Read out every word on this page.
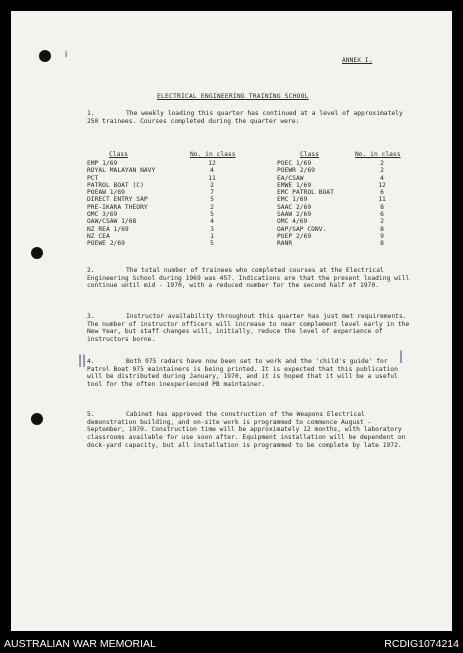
ⅰ
ANNEX I.
ELECTRICAL ENGINEERING TRAINING SCHOOL
1.	The weekly loading this quarter has continued at a level of approximately 250 trainees. Courses completed during the quarter were:

Class	No. in class
EMP 1/69	12
ROYAL MALAYAN NAVY	4
PCT	11
PATROL BOAT (C)	2
POEAW 1/69	7
DIRECT ENTRY SAP	5
PRE-IKARA THEORY	2
OMC 3/69	5
OAW/CSAW 1/68	4
NZ REA 1/69	3
NZ CEA	1
POEWE 2/69	5
Class	No. in class
POEC 1/69	2
POEWR 2/69	2
EA/CSAW	4
EMWE 1/69	12
EMC PATROL BOAT	6
EMC 1/69	11
SAAC 2/69	8
SAAW 2/69	6
OMC 4/69	2
OAP/SAP CONV.	8
POEP 2/69	9
RANR	8
2.	The total number of trainees who completed courses at the Electrical Engineering School during 1969 was 457. Indications are that the present loading will continue until mid - 1970, with a reduced number for the second half of 1970.

3.	Instructor availability throughout this quarter has just met requirements. The number of instructor officers will increase to near complement level early in the New Year, but staff changes will, initially, reduce the level of experience of instructors borne.

||	|
4.	Both 975 radars have now been set to work and the 'child's guide' for Patrol Boat 975 maintainers is being printed. It is expected that this publication will be distributed during January, 1970, and it is hoped that it will be a useful tool for the often inexperienced PB maintainer.

5.	Cabinet has approved the construction of the Weapons Electrical demonstration building, and on-site work is programmed to commence August - September, 1970. Construction time will be approximately 12 months, with laboratory classrooms available for use soon after. Equipment installation will be dependent on dock-yard capacity, but all installation is programmed to be complete by late 1972.

AUSTRALIAN WAR MEMORIAL	RCDIG1074214
